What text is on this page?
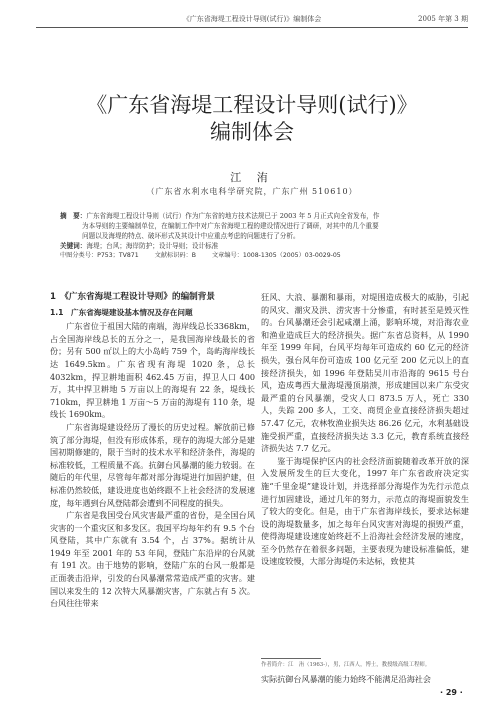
《广东省海堤工程设计导则(试行)》编制体会	2005 年第 3 期
《广东省海堤工程设计导则(试行)》
编制体会
江 洧
（广东省水利水电科学研究院，广东广州 510610）

摘　要：广东省海堤工程设计导则（试行）作为广东省的地方技术法规已于 2003 年 5 月正式向全省发布，作

为本导则的主要编制单位，在编制工作中对广东省海堤工程的建设情况进行了调研，对其中的几个重要

问题以及海堤的特点、破坏形式及其设计中应重点考虑的问题进行了分析。

关键词：海堤；台风；海岸防护；设计导则；设计标准

中图分类号：P753；TV871	文献标识码：B	文章编号：1008-1305（2005）03-0029-05

1　《广东省海堤工程设计导则》的编制背景
1.1　广东省海堤建设基本情况及存在问题

广东省位于祖国大陆的南端，海岸线总长3368km，占全国海岸线总长的五分之一，是我国海岸线最长的省份；另有 500 ㎡以上的大小岛屿 759 个，岛屿海岸线长达 1649.5km。广东省现有海堤 1020 条，总长 4032km，捍卫耕地面积 462.45 万亩，捍卫人口 400 万，其中捍卫耕地 5 万亩以上的海堤有 22 条，堤线长 710km，捍卫耕地 1 万亩～5 万亩的海堤有 110 条，堤线长 1690km。

广东省海堤建设经历了漫长的历史过程。解放前已修筑了部分海堤，但没有形成体系，现存的海堤大部分是建国初期修建的，限于当时的技术水平和经济条件，海堤的标准较低，工程质量不高。抗御台风暴潮的能力较弱。在随后的年代里，尽管每年都对部分海堤进行加固护建，但标准仍然较低，建设进度也始终跟不上社会经济的发展速度，每年遇到台风登陆都会遭到不同程度的损失。

广东省是我国受台风灾害最严重的省份，是全国台风灾害的一个重灾区和多发区。我国平均每年约有 9.5 个台风登陆，其中广东就有 3.54 个，占 37%。据统计从 1949 年至 2001 年的 53 年间，登陆广东沿岸的台风就有 191 次。由于地势的影响，登陆广东的台风一般都是正面袭击沿岸，引发的台风暴潮常常造成严重的灾害。建国以来发生的 12 次特大风暴潮灾害，广东就占有 5 次。台风往往带来

狂风、大浪、暴潮和暴雨，对堤围造成极大的威胁，引起的风灾、潮灾及洪、涝灾害十分惨重，有时甚至是毁灭性的。台风暴潮还会引起咸潮上涌，影响环境，对沿海农业和渔业造成巨大的经济损失。据广东省总资料，从 1990 年至 1999 年间，台风平均每年可造成约 60 亿元的经济损失，强台风年份可造成 100 亿元至 200 亿元以上的直接经济损失，如 1996 年登陆吴川市沿海的 9615 号台风，造成粤西大量海堤漫顶崩溃，形成建国以来广东受灾最严重的台风暴潮，受灾人口 873.5 万人，死亡 330 人，失踪 200 多人，工交、商贸企业直接经济损失超过 57.47 亿元，农林牧渔业损失达 86.26 亿元，水利基础设施受损严重，直接经济损失达 3.3 亿元，教育系统直接经济损失达 7.7 亿元。

鉴于海堤保护区内的社会经济面貌随着改革开放的深入发展所发生的巨大变化，1997 年广东省政府决定实施“千里金堤”建设计划，并选择部分海堤作为先行示范点进行加固建设，通过几年的努力，示范点的海堤面貌发生了较大的变化。但是，由于广东省海岸线长，要求达标建设的海堤数量多，加之每年台风灾害对海堤的损毁严重，使得海堤建设速度始终赶不上沿海社会经济发展的速度，至今仍然存在着很多问题，主要表现为建设标准偏低，建设速度较慢，大部分海堤仍未达标，致使其

作者简介：江　洧（1963-），男，江西人，博士，教授级高级工程师。
实际抗御台风暴潮的能力始终不能满足沿海社会
· 29 ·
